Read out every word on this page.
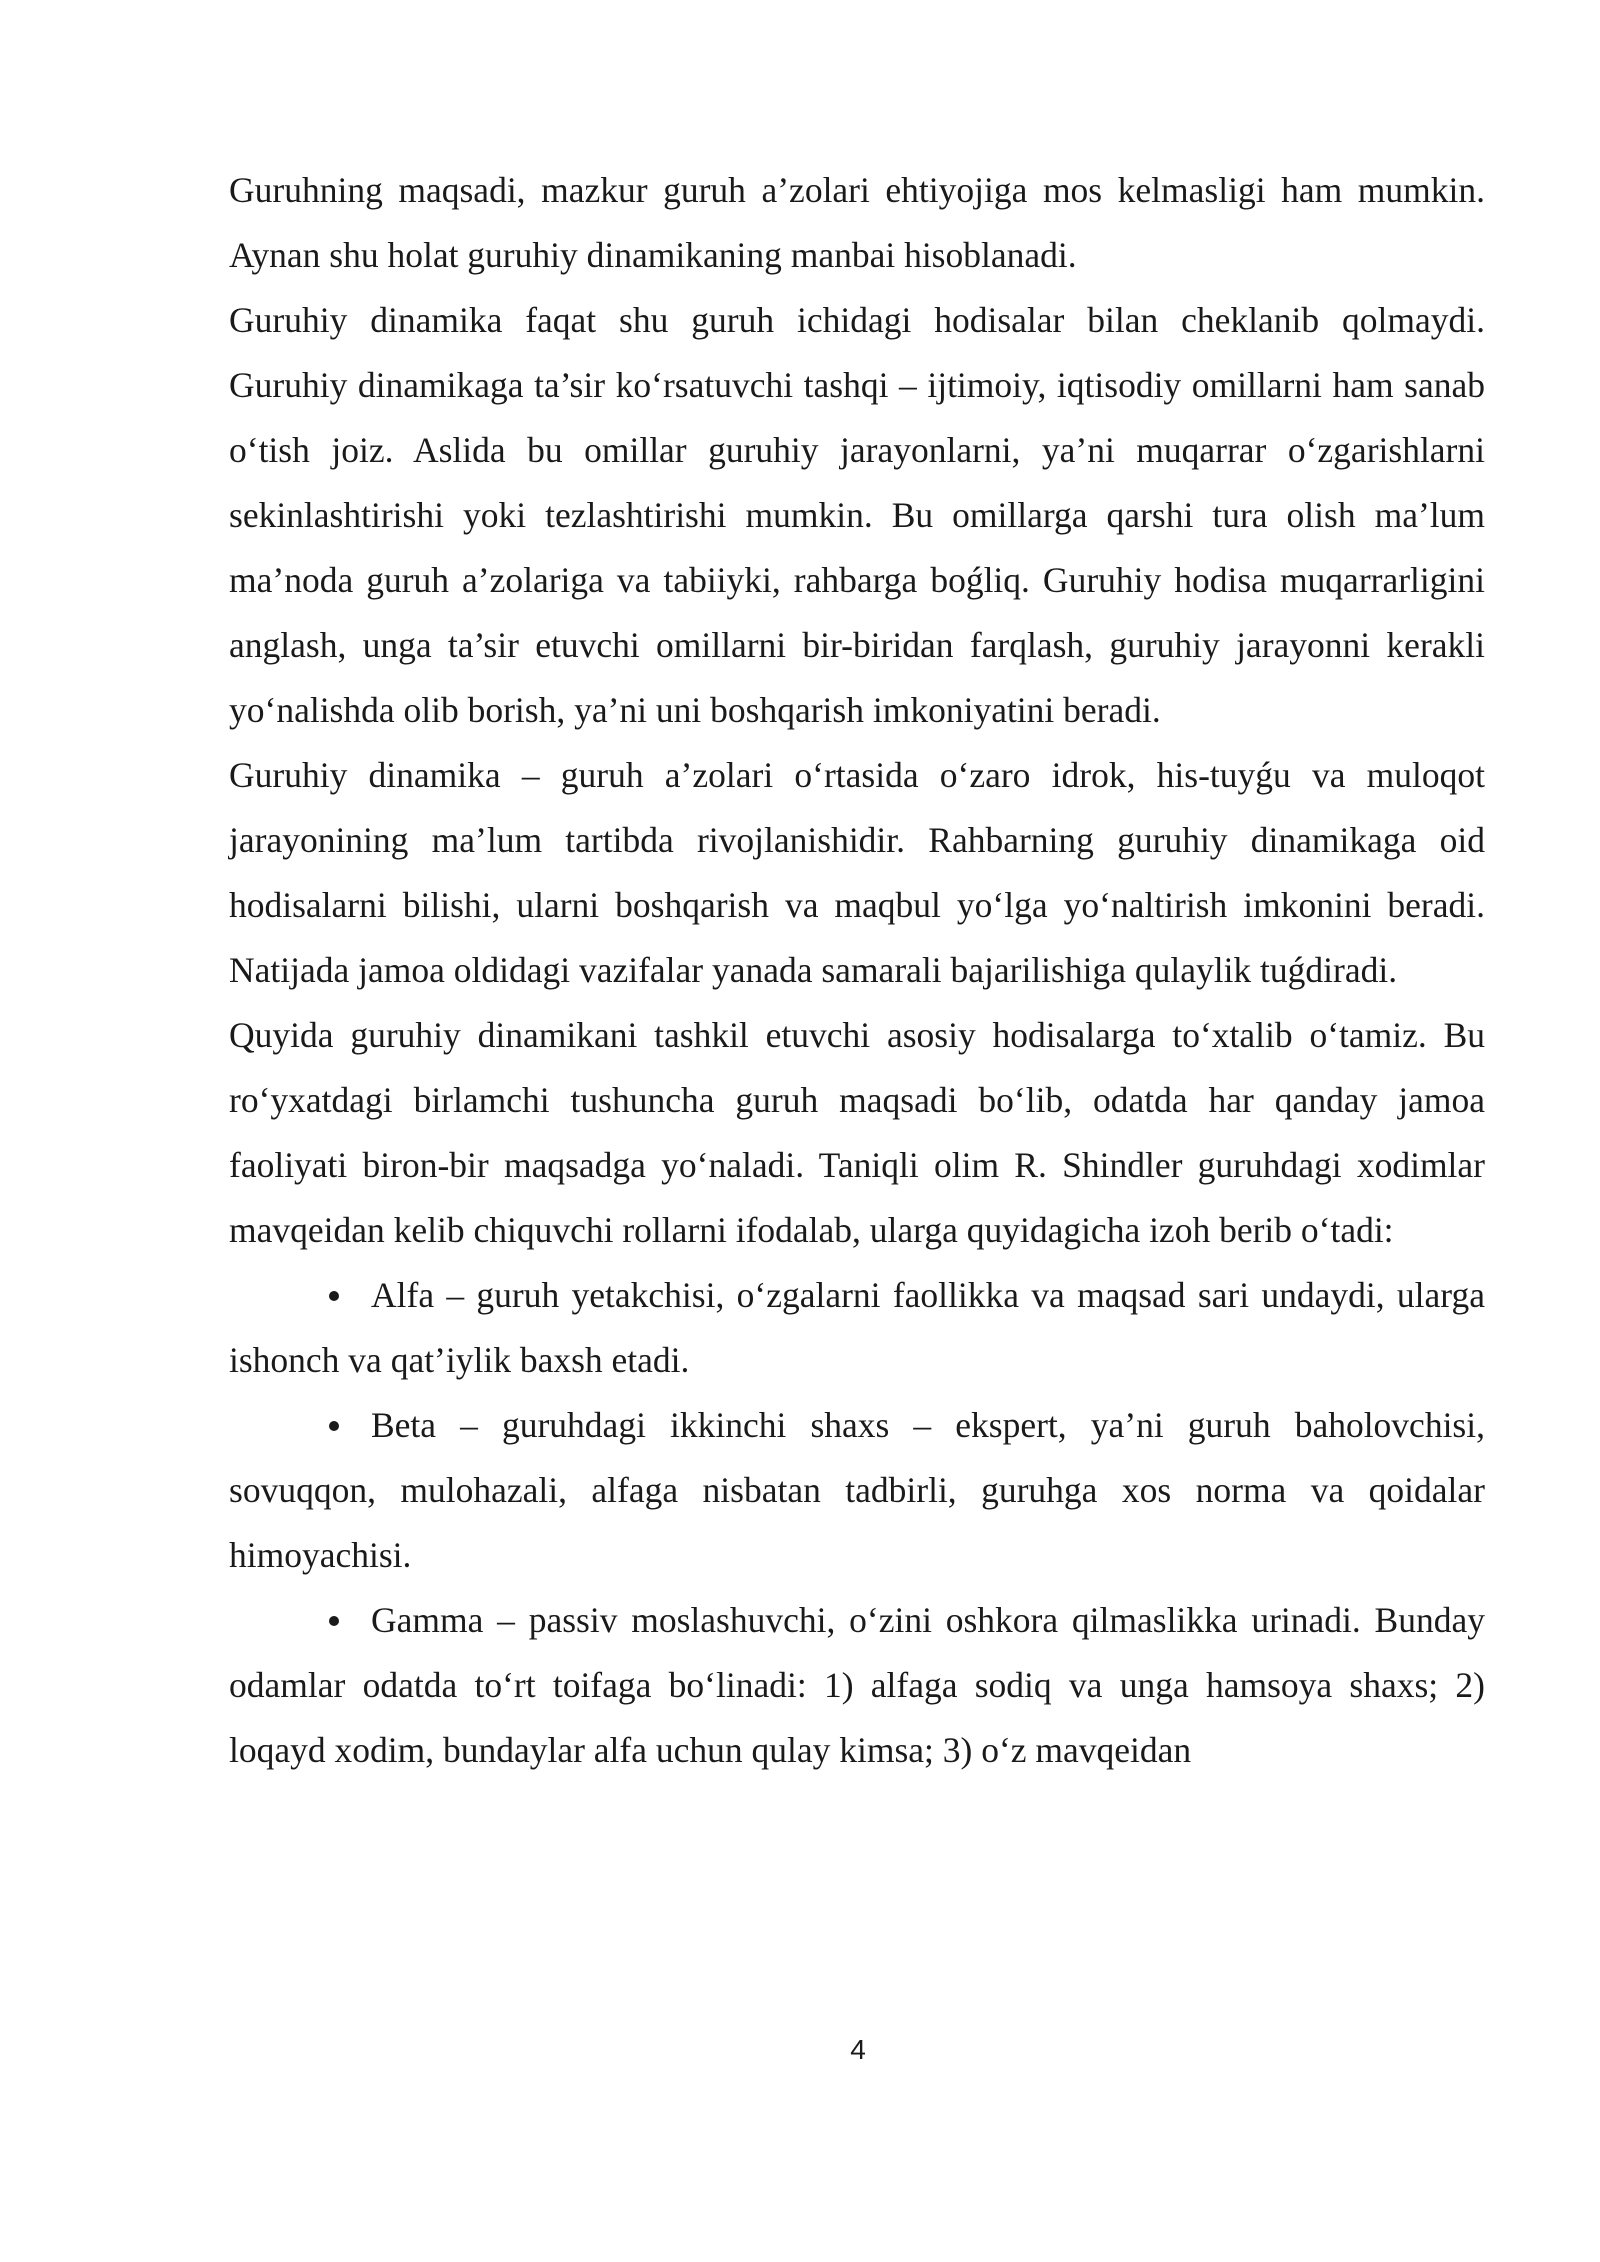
Guruhning maqsadi, mazkur guruh a’zolari ehtiyojiga mos kelmasligi ham mumkin. Aynan shu holat guruhiy dinamikaning manbai hisoblanadi.

Guruhiy dinamika faqat shu guruh ichidagi hodisalar bilan cheklanib qolmaydi. Guruhiy dinamikaga ta’sir ko‘rsatuvchi tashqi – ijtimoiy, iqtisodiy omillarni ham sanab o‘tish joiz. Aslida bu omillar guruhiy jarayonlarni, ya’ni muqarrar o‘zgarishlarni sekinlashtirishi yoki tezlashtirishi mumkin. Bu omillarga qarshi tura olish ma’lum ma’noda guruh a’zolariga va tabiiyki, rahbarga boǵliq. Guruhiy hodisa muqarrarligini anglash, unga ta’sir etuvchi omillarni bir-biridan farqlash, guruhiy jarayonni kerakli yo‘nalishda olib borish, ya’ni uni boshqarish imkoniyatini beradi.

Guruhiy dinamika – guruh a’zolari o‘rtasida o‘zaro idrok, his-tuyǵu va muloqot jarayonining ma’lum tartibda rivojlanishidir. Rahbarning guruhiy dinamikaga oid hodisalarni bilishi, ularni boshqarish va maqbul yo‘lga yo‘naltirish imkonini beradi. Natijada jamoa oldidagi vazifalar yanada samarali bajarilishiga qulaylik tuǵdiradi.

Quyida guruhiy dinamikani tashkil etuvchi asosiy hodisalarga to‘xtalib o‘tamiz. Bu ro‘yxatdagi birlamchi tushuncha guruh maqsadi bo‘lib, odatda har qanday jamoa faoliyati biron-bir maqsadga yo‘naladi. Taniqli olim R. Shindler guruhdagi xodimlar mavqeidan kelib chiquvchi rollarni ifodalab, ularga quyidagicha izoh berib o‘tadi:

Alfa – guruh yetakchisi, o‘zgalarni faollikka va maqsad sari undaydi, ularga ishonch va qat’iylik baxsh etadi.

Beta – guruhdagi ikkinchi shaxs – ekspert, ya’ni guruh baholovchisi, sovuqqon, mulohazali, alfaga nisbatan tadbirli, guruhga xos norma va qoidalar himoyachisi.

Gamma – passiv moslashuvchi, o‘zini oshkora qilmaslikka urinadi. Bunday odamlar odatda to‘rt toifaga bo‘linadi: 1) alfaga sodiq va unga hamsoya shaxs; 2) loqayd xodim, bundaylar alfa uchun qulay kimsa; 3) o‘z mavqeidan

4
